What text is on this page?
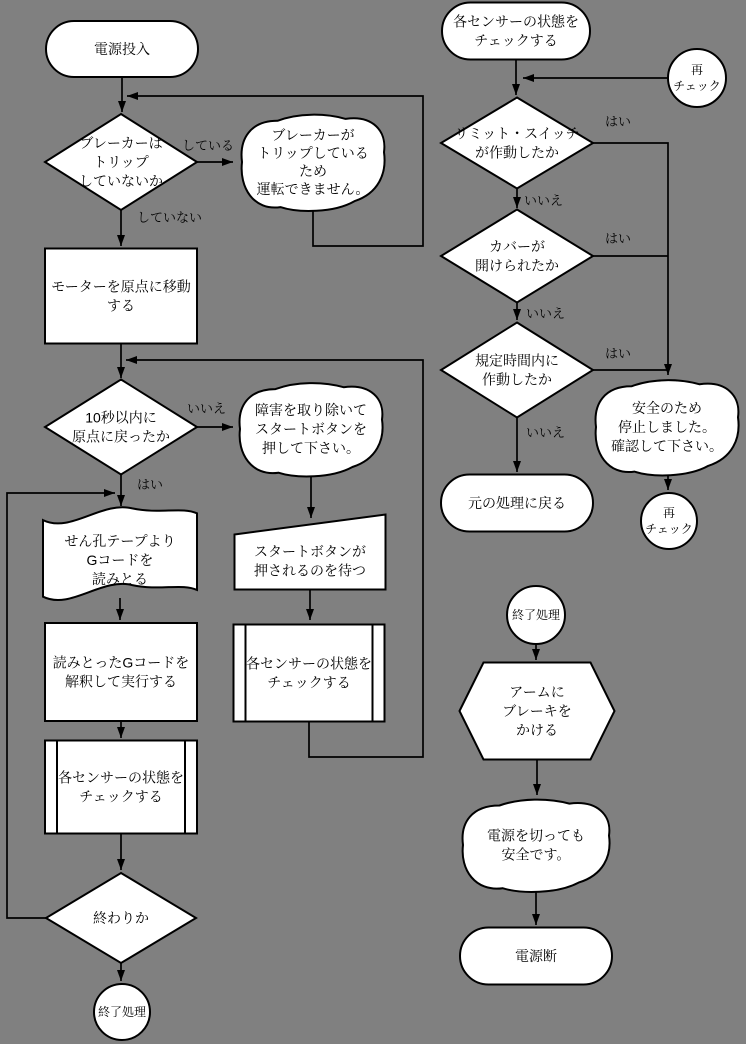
電源投入
ブレーカーはトリップしていないか
ブレーカーがトリップしているため運転できません。
モーターを原点に移動する
10秒以内に原点に戻ったか
障害を取り除いてスタートボタンを押して下さい。
せん孔テープより Gコードを読みとる
読みとったGコードを解釈して実行する
各センサーの状態をチェックする
終わりか
終了処理
スタートボタンが押されるのを待つ
各センサーの状態をチェックする
各センサーの状態をチェックする
再チェック
リミット・スイッチが作動したか
カバーが開けられたか
規定時間内に作動したか
元の処理に戻る
安全のため停止しました。確認して下さい。
再チェック
終了処理
アームにブレーキをかける
電源を切っても安全です。
電源断
している
していない
いいえ
はい
はい
いいえ
はい
いいえ
はい
いいえ
